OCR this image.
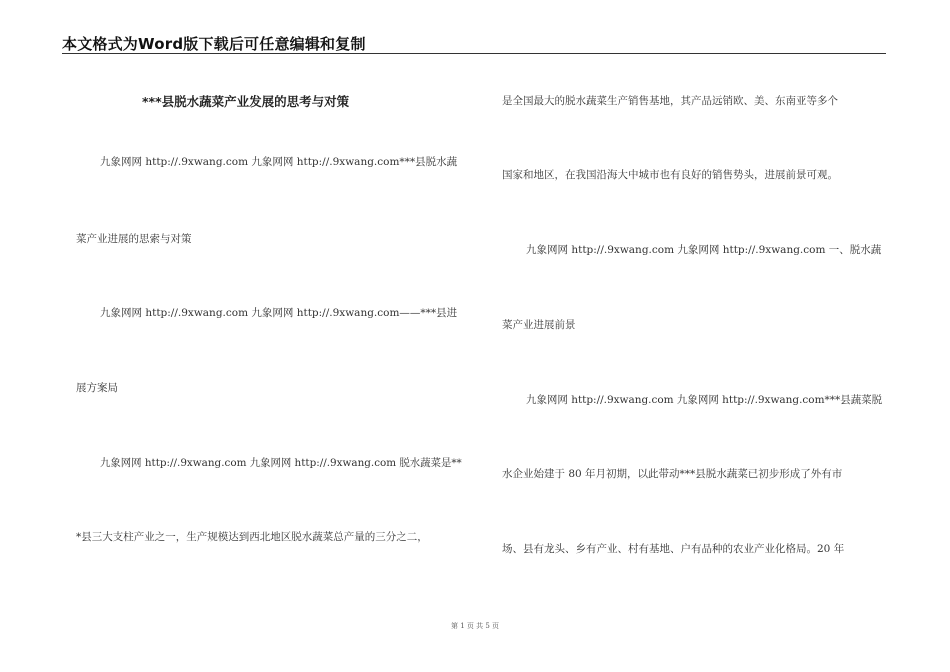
本文格式为Word版下载后可任意编辑和复制
***县脱水蔬菜产业发展的思考与对策
九象网网 http://.9xwang.com 九象网网 http://.9xwang.com***县脱水蔬
菜产业进展的思索与对策
九象网网 http://.9xwang.com 九象网网 http://.9xwang.com——***县进
展方案局
九象网网 http://.9xwang.com 九象网网 http://.9xwang.com 脱水蔬菜是**
*县三大支柱产业之一，生产规模达到西北地区脱水蔬菜总产量的三分之二，
是全国最大的脱水蔬菜生产销售基地，其产品远销欧、美、东南亚等多个
国家和地区，在我国沿海大中城市也有良好的销售势头，进展前景可观。
九象网网 http://.9xwang.com 九象网网 http://.9xwang.com 一、脱水蔬
菜产业进展前景
九象网网 http://.9xwang.com 九象网网 http://.9xwang.com***县蔬菜脱
水企业始建于 80 年月初期，以此带动***县脱水蔬菜已初步形成了外有市
场、县有龙头、乡有产业、村有基地、户有品种的农业产业化格局。20 年
第 1 页 共 5 页
